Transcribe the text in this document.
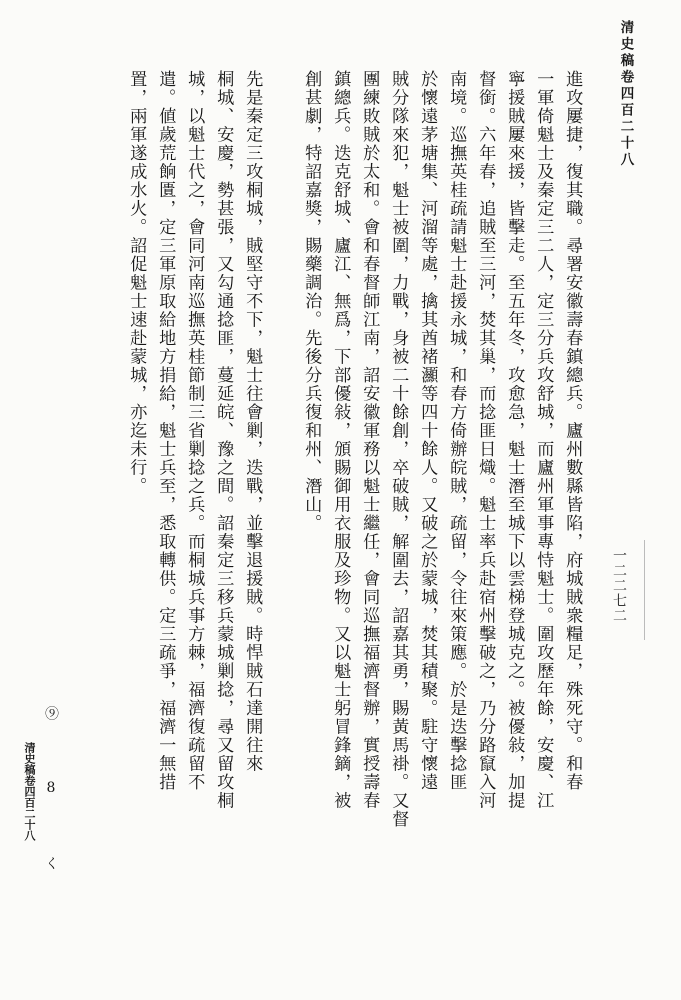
清史稿卷四百二十八
一二二七二
進攻屢捷，復其職。尋署安徽壽春鎮總兵。廬州數縣皆陷，府城賊衆糧足，殊死守。和春
一軍倚魁士及秦定三二人，定三分兵攻舒城，而廬州軍事專恃魁士。圍攻歷年餘，安慶、江
寧援賊屢來援，皆擊走。至五年冬，攻愈急，魁士潛至城下以雲梯登城克之。被優敍，加提
督銜。六年春，追賊至三河，焚其巢，而捻匪日熾。魁士率兵赴宿州擊破之，乃分路竄入河
南境。巡撫英桂疏請魁士赴援永城，和春方倚辦皖賊，疏留，令往來策應。於是迭擊捻匪
於懷遠茅塘集、河溜等處，擒其酋褚灦等四十餘人。又破之於蒙城，焚其積聚。駐守懷遠
賊分隊來犯，魁士被圍，力戰，身被二十餘創，卒破賊，解圍去，詔嘉其勇，賜黃馬褂。又督
團練敗賊於太和。會和春督師江南，詔安徽軍務以魁士繼任，會同巡撫福濟督辦，實授壽春
鎮總兵。迭克舒城、廬江、無爲，下部優敍，頒賜御用衣服及珍物。又以魁士躬冒鋒鏑，被
創甚劇，特詔嘉獎，賜藥調治。先後分兵復和州、潛山。
先是秦定三攻桐城，賊堅守不下，魁士往會剿，迭戰，並擊退援賊。時悍賊石達開往來
桐城、安慶，勢甚張，又勾通捻匪，蔓延皖、豫之間。詔秦定三移兵蒙城剿捻，尋又留攻桐
城，以魁士代之，會同河南巡撫英桂節制三省剿捻之兵。而桐城兵事方棘，福濟復疏留不
遣。値歲荒餉匱，定三軍原取給地方捐給，魁士兵至，悉取轉供。定三疏爭，福濟一無措
置，兩軍遂成水火。詔促魁士速赴蒙城，亦迄未行。
⑨ 8 く
清史稿卷四百二十八
